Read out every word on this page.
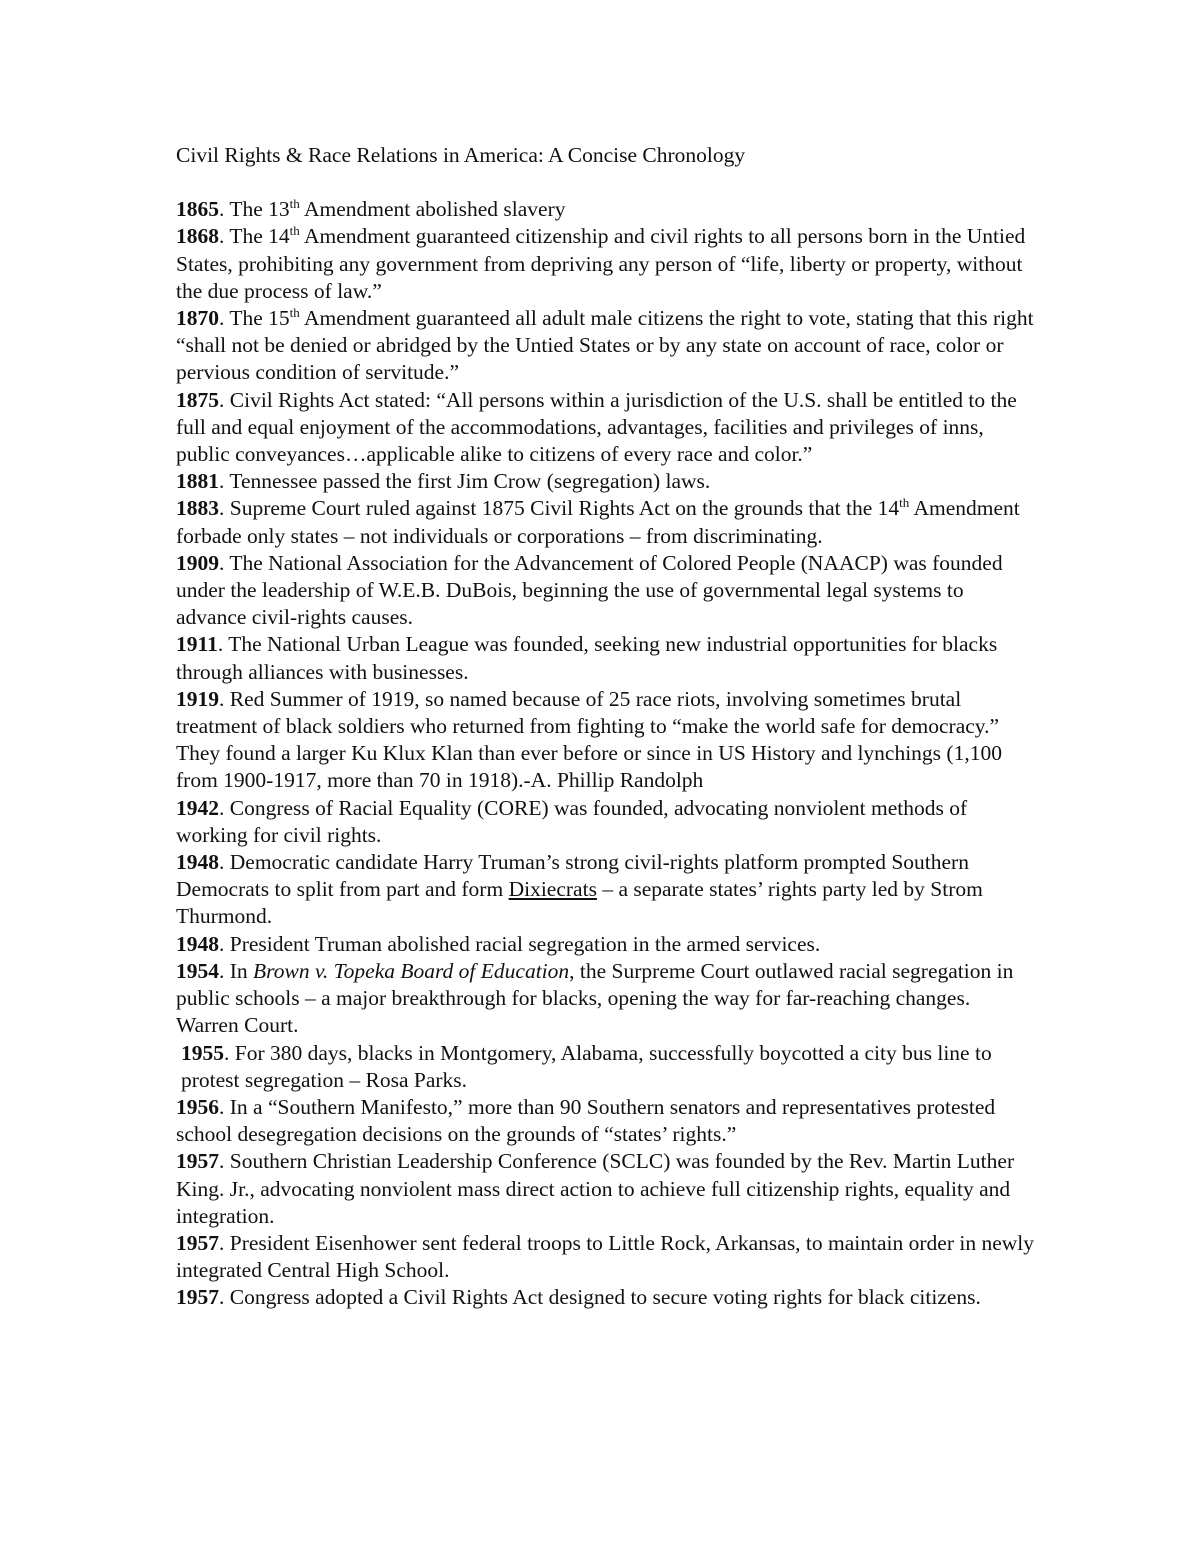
Civil Rights & Race Relations in America: A Concise Chronology

1865. The 13th Amendment abolished slavery

1868. The 14th Amendment guaranteed citizenship and civil rights to all persons born in the Untied States, prohibiting any government from depriving any person of “life, liberty or property, without the due process of law.”

1870. The 15th Amendment guaranteed all adult male citizens the right to vote, stating that this right “shall not be denied or abridged by the Untied States or by any state on account of race, color or pervious condition of servitude.”

1875. Civil Rights Act stated: “All persons within a jurisdiction of the U.S. shall be entitled to the full and equal enjoyment of the accommodations, advantages, facilities and privileges of inns, public conveyances…applicable alike to citizens of every race and color.”

1881. Tennessee passed the first Jim Crow (segregation) laws.

1883. Supreme Court ruled against 1875 Civil Rights Act on the grounds that the 14th Amendment forbade only states – not individuals or corporations – from discriminating.

1909. The National Association for the Advancement of Colored People (NAACP) was founded under the leadership of W.E.B. DuBois, beginning the use of governmental legal systems to advance civil-rights causes.

1911. The National Urban League was founded, seeking new industrial opportunities for blacks through alliances with businesses.

1919. Red Summer of 1919, so named because of 25 race riots, involving sometimes brutal treatment of black soldiers who returned from fighting to “make the world safe for democracy.” They found a larger Ku Klux Klan than ever before or since in US History and lynchings (1,100 from 1900-1917, more than 70 in 1918).-A. Phillip Randolph

1942. Congress of Racial Equality (CORE) was founded, advocating nonviolent methods of working for civil rights.

1948. Democratic candidate Harry Truman’s strong civil-rights platform prompted Southern Democrats to split from part and form Dixiecrats – a separate states’ rights party led by Strom Thurmond.

1948. President Truman abolished racial segregation in the armed services.

1954. In Brown v. Topeka Board of Education, the Surpreme Court outlawed racial segregation in public schools – a major breakthrough for blacks, opening the way for far-reaching changes. Warren Court.

1955. For 380 days, blacks in Montgomery, Alabama, successfully boycotted a city bus line to protest segregation – Rosa Parks.

1956. In a “Southern Manifesto,” more than 90 Southern senators and representatives protested school desegregation decisions on the grounds of “states’ rights.”

1957. Southern Christian Leadership Conference (SCLC) was founded by the Rev. Martin Luther King. Jr., advocating nonviolent mass direct action to achieve full citizenship rights, equality and integration.

1957. President Eisenhower sent federal troops to Little Rock, Arkansas, to maintain order in newly integrated Central High School.

1957. Congress adopted a Civil Rights Act designed to secure voting rights for black citizens.
